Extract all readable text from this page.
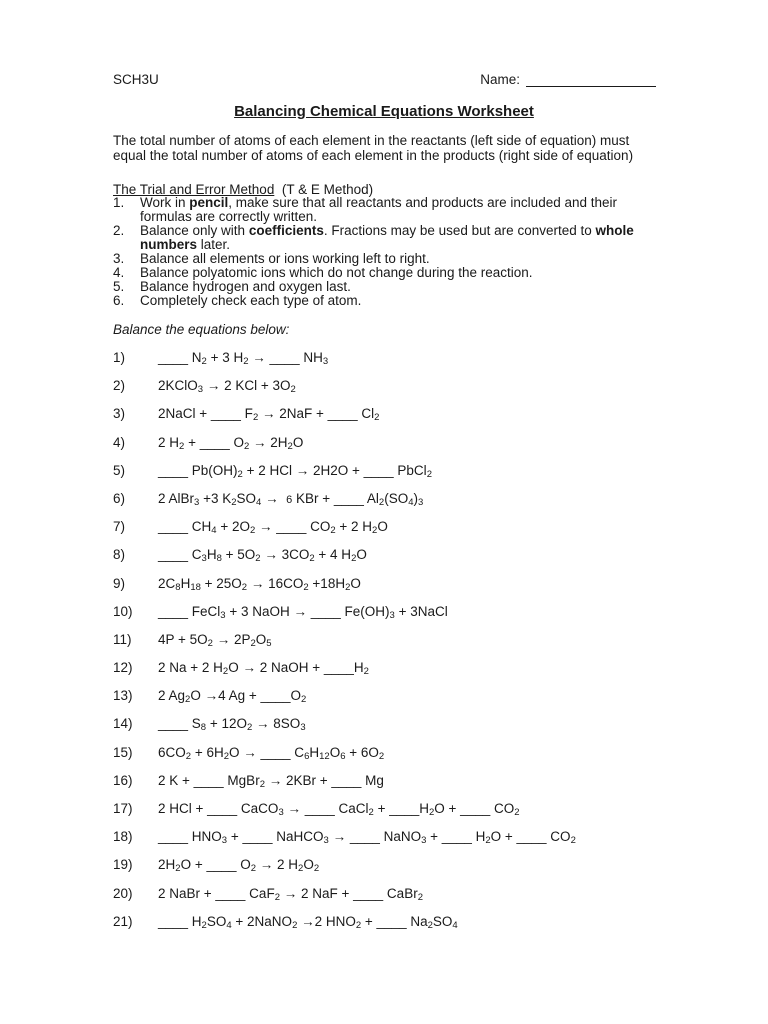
SCH3U	Name:
Balancing Chemical Equations Worksheet
The total number of atoms of each element in the reactants (left side of equation) must equal the total number of atoms of each element in the products (right side of equation)
The Trial and Error Method (T & E Method)
1.	Work in pencil, make sure that all reactants and products are included and their formulas are correctly written.
2.	Balance only with coefficients. Fractions may be used but are converted to whole numbers later.
3.	Balance all elements or ions working left to right.
4.	Balance polyatomic ions which do not change during the reaction.
5.	Balance hydrogen and oxygen last.
6.	Completely check each type of atom.
Balance the equations below:
1) ____ $N_2 + 3$ $H_2$ → ____ $NH_3$
2) 2KClO$_3$ → 2 KCl + $3O_2$
3) 2NaCl + ____ $F_2 \to 2NaF$ + ____ $Cl_2$
4) 2 $H_2$ + ____ $O_2 \to 2H_2O$
5) ____ $Pb(OH)_2 + 2$ HCl → 2H2O + ____ PbCl$_2$
6) 2 AlBr$_3$ +3 $K_2SO_4 \to 6$ KBr + ____ $Al_2(SO_4)_3$
7) ____ $CH_4 + 2O_2$ → ____ $CO_2 + 2$ $H_2O$
8) ____ $C_3H_8 + 5O_2 \to 3CO_2 + 4$ $H_2O$
9) $2C_8H_{18} + 25O_2 \to 16CO_2 +18H_2O$
10) ____ FeCl$_3$ + 3 NaOH → ____ $Fe(OH)_3$ + 3NaCl
11) $4P + 5O_2 \to 2P_2O_5$
12) 2 Na + 2 $H_2O \to 2$ NaOH + $\_\_\_\_H_2$
13) 2 $Ag_2O \to 4$ $Ag + \_\_\_\_O_2$
14) ____ $S_8 + 12O_2 \to 8SO_3$
15) $6CO_2 + 6H_2O$ → ____ $C_6H_{12}O_6 + 6O_2$
16) 2 K + ____ MgBr$_2$ → 2KBr + ____ Mg
17) 2 HCl + ____ CaCO$_3$ → ____ CaCl$_2$ + $\_\_\_\_H_2O$ + ____ $CO_2$
18) ____ $HNO_3$ + ____ NaHCO$_3$ → ____ NaNO$_3$ + ____ $H_2O$ + ____ $CO_2$
19) $2H_2O$ + ____ $O_2 \to 2$ $H_2O_2$
20) 2 NaBr + ____ CaF$_2$ → 2 NaF + ____ CaBr$_2$
21) ____ $H_2SO_4$ + 2NaNO$_2$ →2 $HNO_2$ + ____ $Na_2SO_4$
